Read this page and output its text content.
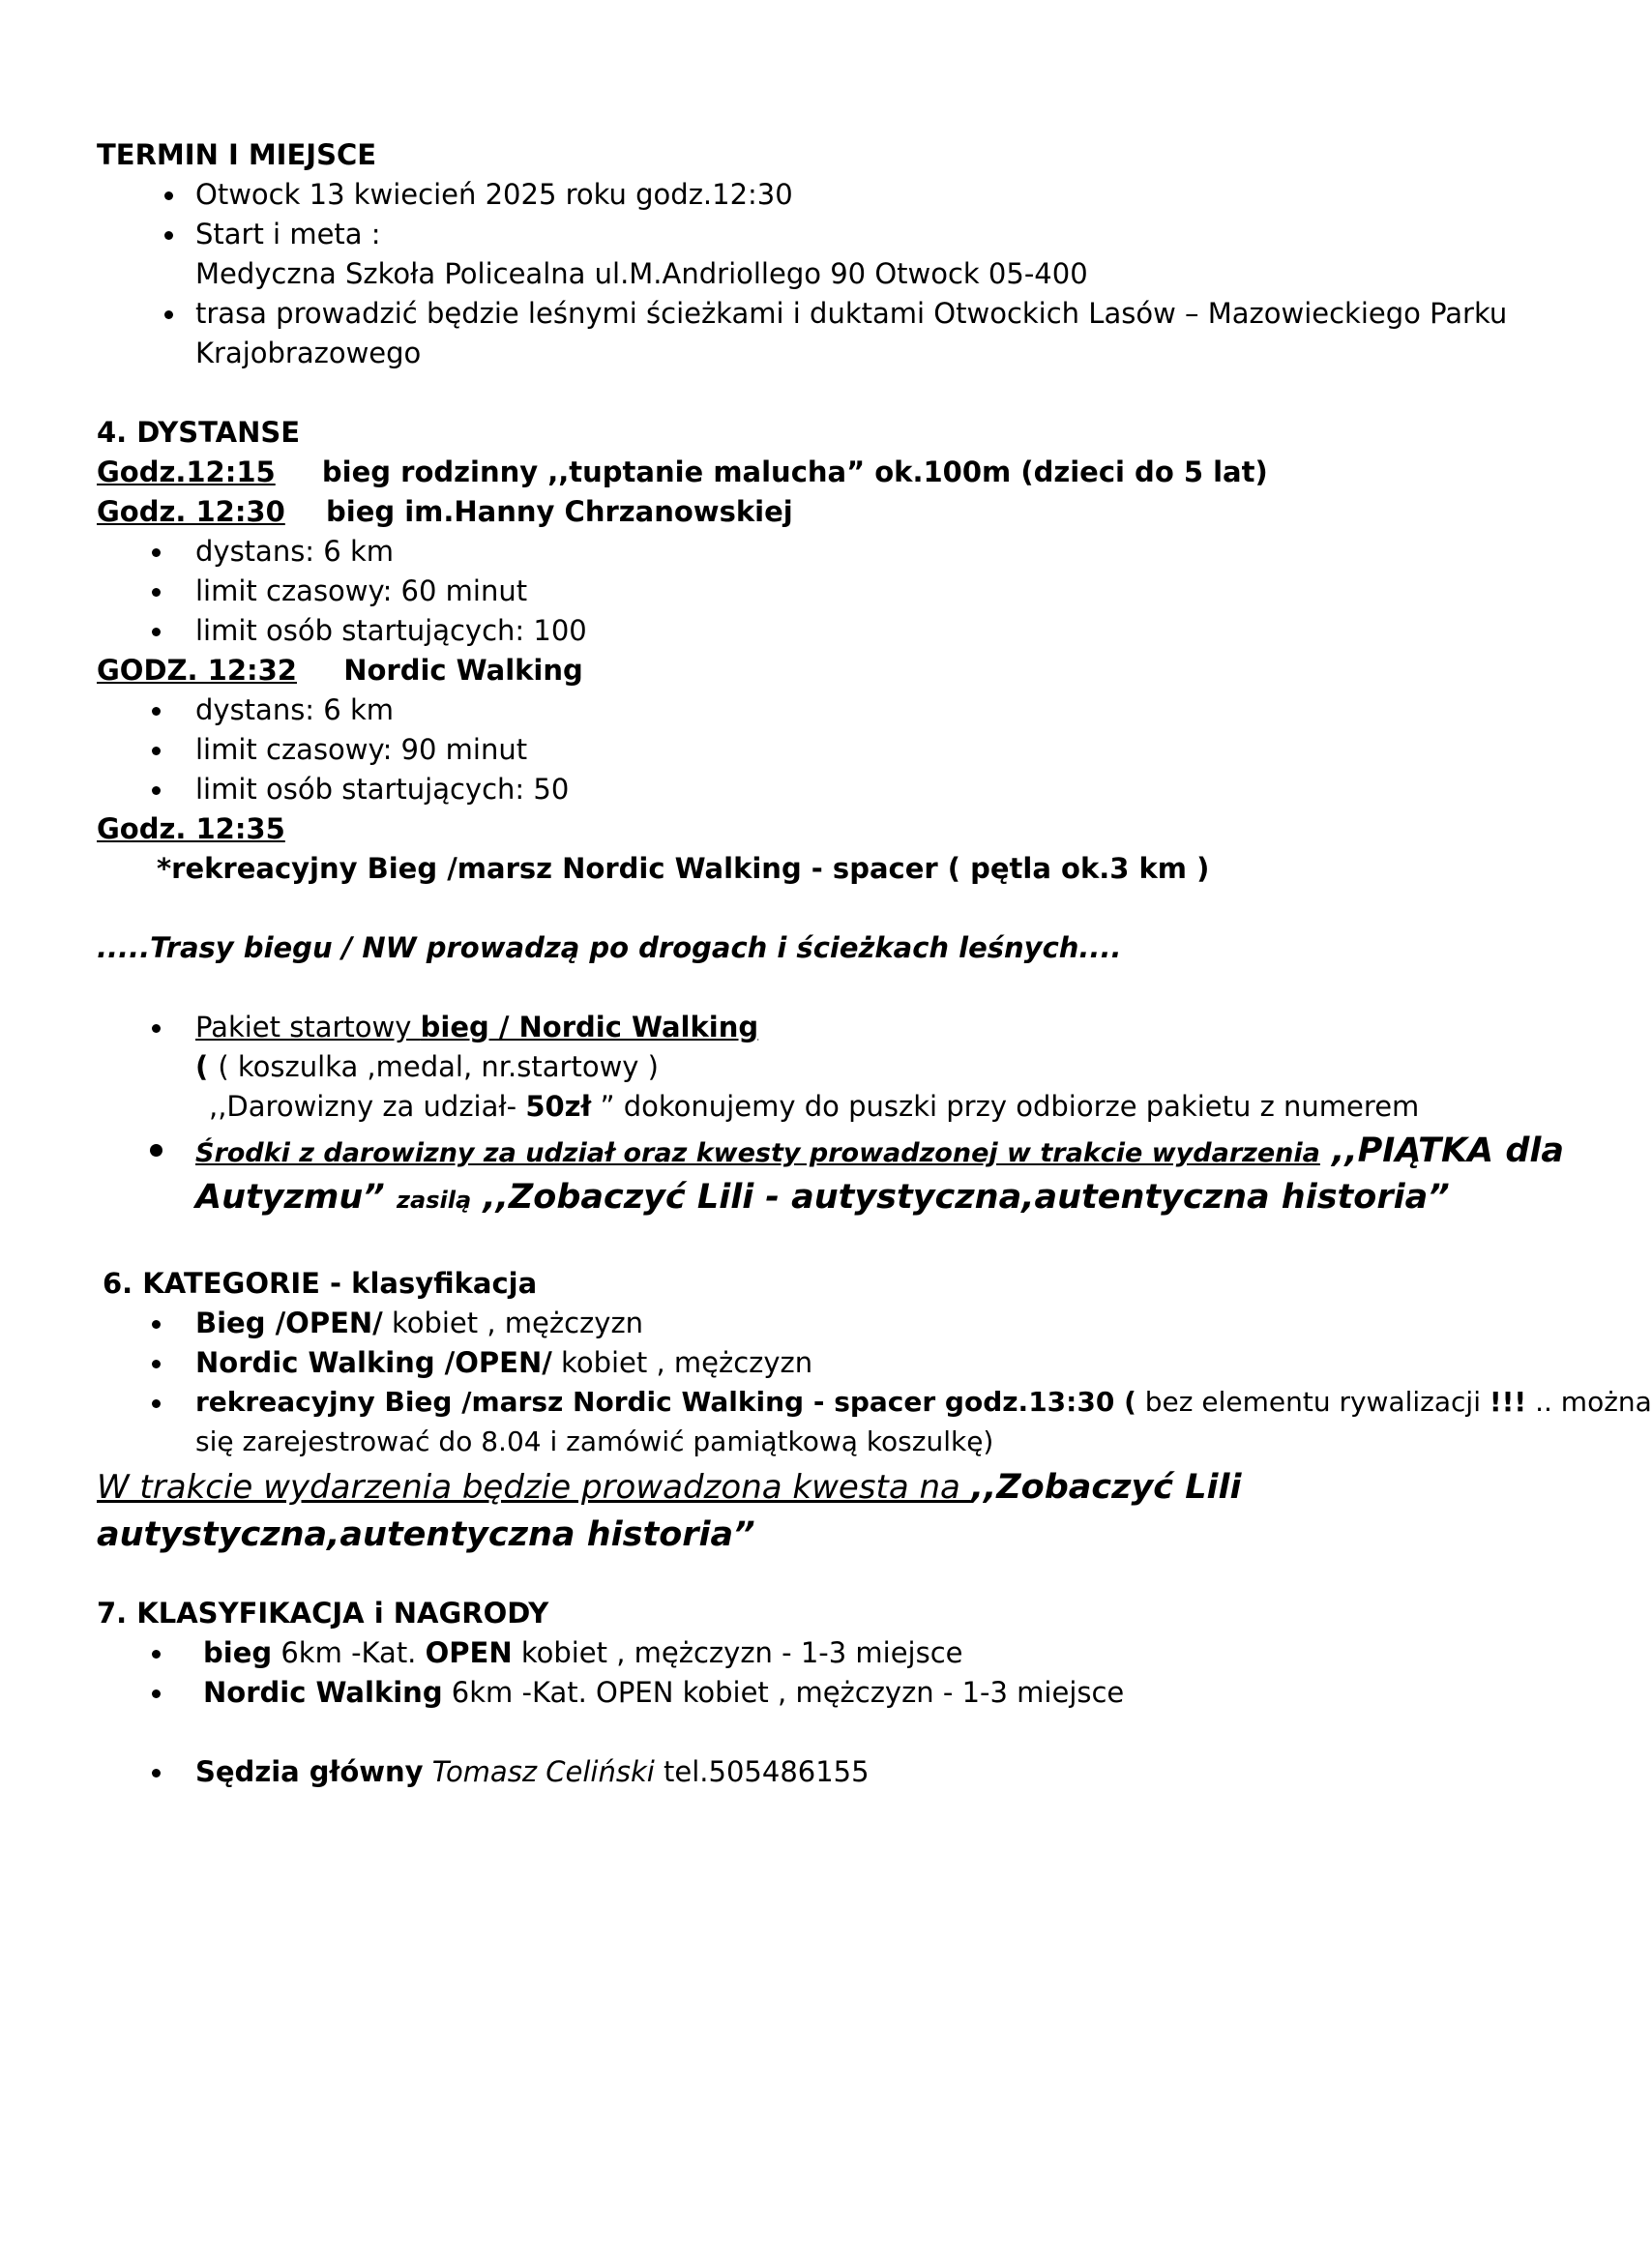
TERMIN I MIEJSCE
Otwock 13 kwiecień 2025 roku godz.12:30
Start i meta :
Medyczna Szkoła Policealna ul.M.Andriollego 90 Otwock 05-400
trasa prowadzić będzie leśnymi ścieżkami i duktami Otwockich Lasów – Mazowieckiego Parku
Krajobrazowego
4. DYSTANSE
Godz.12:15 bieg rodzinny ,,tuptanie malucha” ok.100m (dzieci do 5 lat)
Godz. 12:30 bieg im.Hanny Chrzanowskiej
dystans: 6 km
limit czasowy: 60 minut
limit osób startujących: 100
GODZ. 12:32 Nordic Walking
dystans: 6 km
limit czasowy: 90 minut
limit osób startujących: 50
Godz. 12:35
*rekreacyjny Bieg /marsz Nordic Walking - spacer ( pętla ok.3 km )
.....Trasy biegu / NW prowadzą po drogach i ścieżkach leśnych....
Pakiet startowy bieg / Nordic Walking
( ( koszulka ,medal, nr.startowy )
,,Darowizny za udział- 50zł ” dokonujemy do puszki przy odbiorze pakietu z numerem
Środki z darowizny za udział oraz kwesty prowadzonej w trakcie wydarzenia ,,PIĄTKA dla
Autyzmu” zasilą ,,Zobaczyć Lili - autystyczna,autentyczna historia”
6. KATEGORIE - klasyfikacja
Bieg /OPEN/ kobiet , mężczyzn
Nordic Walking /OPEN/ kobiet , mężczyzn
rekreacyjny Bieg /marsz Nordic Walking - spacer godz.13:30 ( bez elementu rywalizacji !!! .. można
się zarejestrować do 8.04 i zamówić pamiątkową koszulkę)
W trakcie wydarzenia będzie prowadzona kwesta na ,,Zobaczyć Lili
autystyczna,autentyczna historia”
7. KLASYFIKACJA i NAGRODY
bieg 6km -Kat. OPEN kobiet , mężczyzn - 1-3 miejsce
Nordic Walking 6km -Kat. OPEN kobiet , mężczyzn - 1-3 miejsce
Sędzia główny Tomasz Celiński tel.505486155
